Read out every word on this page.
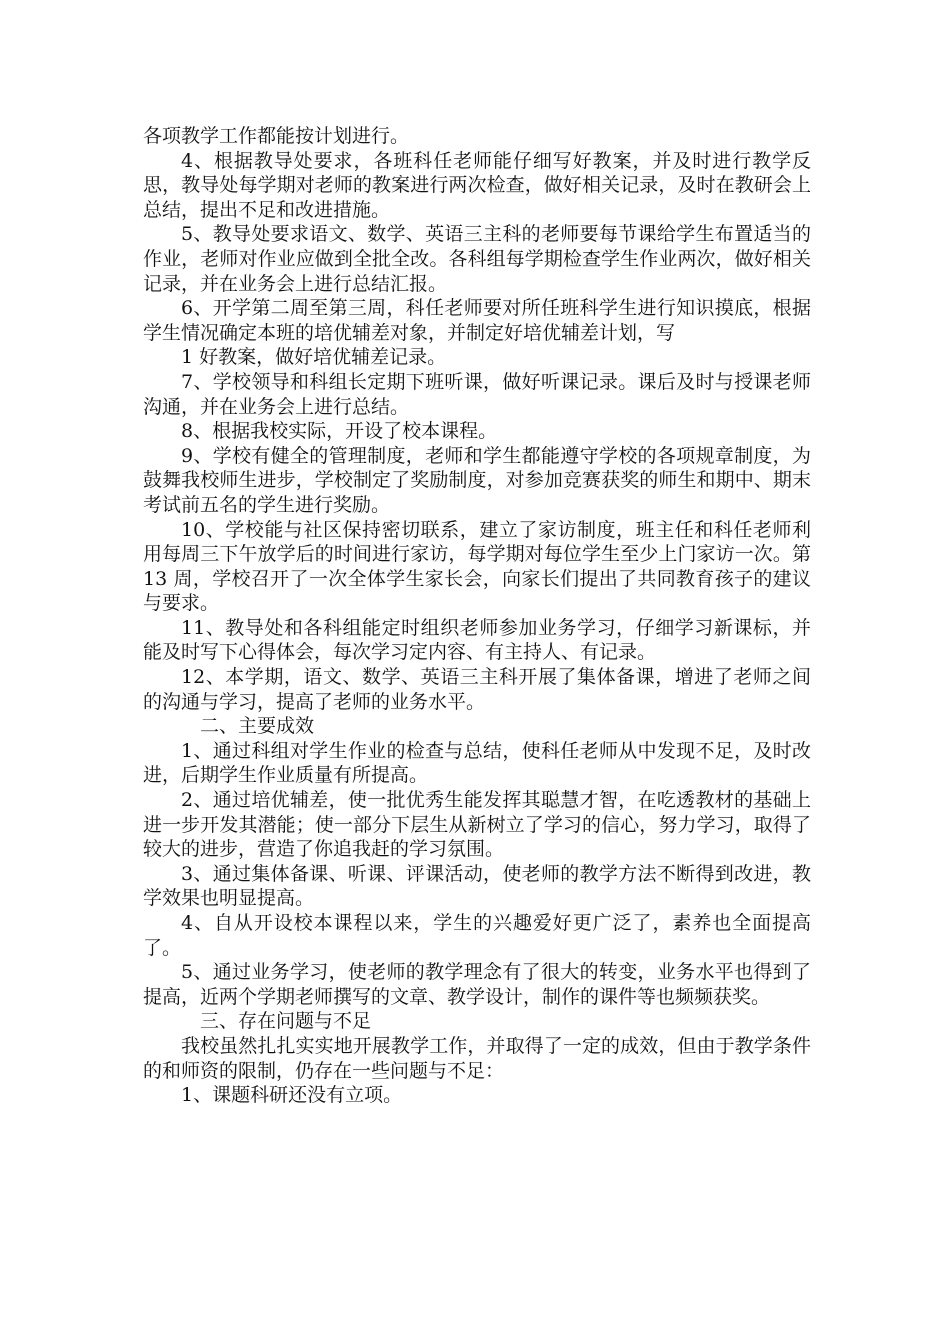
各项教学工作都能按计划进行。

4、根据教导处要求，各班科任老师能仔细写好教案，并及时进行教学反思，教导处每学期对老师的教案进行两次检查，做好相关记录，及时在教研会上总结，提出不足和改进措施。

5、教导处要求语文、数学、英语三主科的老师要每节课给学生布置适当的作业，老师对作业应做到全批全改。各科组每学期检查学生作业两次，做好相关记录，并在业务会上进行总结汇报。

6、开学第二周至第三周，科任老师要对所任班科学生进行知识摸底，根据学生情况确定本班的培优辅差对象，并制定好培优辅差计划，写

1 好教案，做好培优辅差记录。

7、学校领导和科组长定期下班听课，做好听课记录。课后及时与授课老师沟通，并在业务会上进行总结。

8、根据我校实际，开设了校本课程。

9、学校有健全的管理制度，老师和学生都能遵守学校的各项规章制度，为鼓舞我校师生进步，学校制定了奖励制度，对参加竞赛获奖的师生和期中、期末考试前五名的学生进行奖励。

10、学校能与社区保持密切联系，建立了家访制度，班主任和科任老师利用每周三下午放学后的时间进行家访，每学期对每位学生至少上门家访一次。第 13 周，学校召开了一次全体学生家长会，向家长们提出了共同教育孩子的建议与要求。

11、教导处和各科组能定时组织老师参加业务学习，仔细学习新课标，并能及时写下心得体会，每次学习定内容、有主持人、有记录。

12、本学期，语文、数学、英语三主科开展了集体备课，增进了老师之间的沟通与学习，提高了老师的业务水平。

二、主要成效

1、通过科组对学生作业的检查与总结，使科任老师从中发现不足，及时改进，后期学生作业质量有所提高。

2、通过培优辅差，使一批优秀生能发挥其聪慧才智，在吃透教材的基础上进一步开发其潜能；使一部分下层生从新树立了学习的信心，努力学习，取得了较大的进步，营造了你追我赶的学习氛围。

3、通过集体备课、听课、评课活动，使老师的教学方法不断得到改进，教学效果也明显提高。

4、自从开设校本课程以来，学生的兴趣爱好更广泛了，素养也全面提高了。

5、通过业务学习，使老师的教学理念有了很大的转变，业务水平也得到了提高，近两个学期老师撰写的文章、教学设计，制作的课件等也频频获奖。

三、存在问题与不足

我校虽然扎扎实实地开展教学工作，并取得了一定的成效，但由于教学条件的和师资的限制，仍存在一些问题与不足：

1、课题科研还没有立项。
